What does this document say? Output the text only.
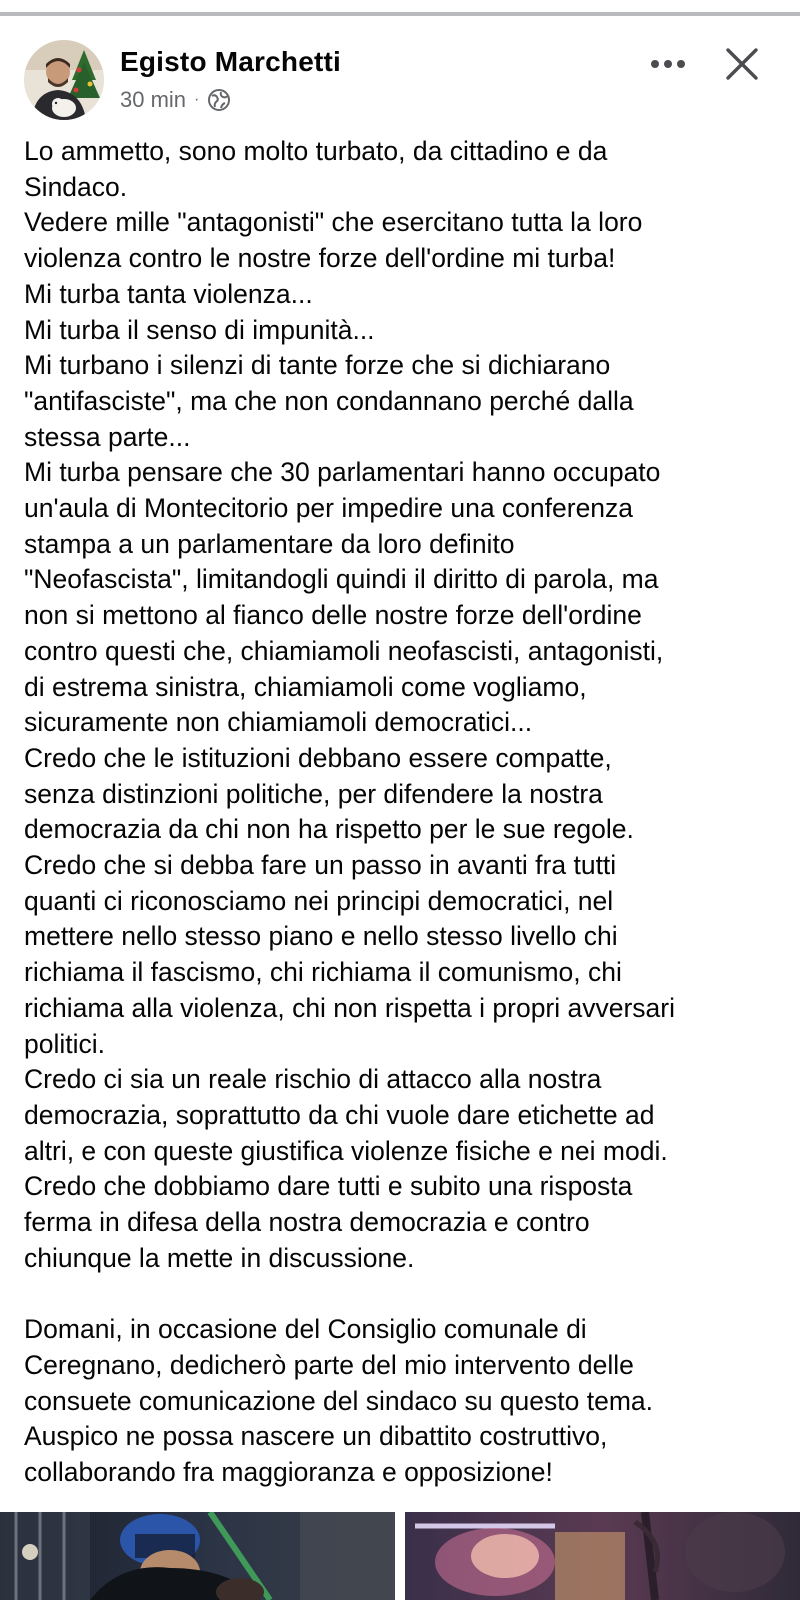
Egisto Marchetti
30 min ·

Lo ammetto, sono molto turbato, da cittadino e da

Sindaco.

Vedere mille "antagonisti" che esercitano tutta la loro

violenza contro le nostre forze dell'ordine mi turba!

Mi turba tanta violenza...

Mi turba il senso di impunità...

Mi turbano i silenzi di tante forze che si dichiarano

"antifasciste", ma che non condannano perché dalla

stessa parte...

Mi turba pensare che 30 parlamentari hanno occupato

un'aula di Montecitorio per impedire una conferenza

stampa a un parlamentare da loro definito

"Neofascista", limitandogli quindi il diritto di parola, ma

non si mettono al fianco delle nostre forze dell'ordine

contro questi che, chiamiamoli neofascisti, antagonisti,

di estrema sinistra, chiamiamoli come vogliamo,

sicuramente non chiamiamoli democratici...

Credo che le istituzioni debbano essere compatte,

senza distinzioni politiche, per difendere la nostra

democrazia da chi non ha rispetto per le sue regole.

Credo che si debba fare un passo in avanti fra tutti

quanti ci riconosciamo nei principi democratici, nel

mettere nello stesso piano e nello stesso livello chi

richiama il fascismo, chi richiama il comunismo, chi

richiama alla violenza, chi non rispetta i propri avversari

politici.

Credo ci sia un reale rischio di attacco alla nostra

democrazia, soprattutto da chi vuole dare etichette ad

altri, e con queste giustifica violenze fisiche e nei modi.

Credo che dobbiamo dare tutti e subito una risposta

ferma in difesa della nostra democrazia e contro

chiunque la mette in discussione.

Domani, in occasione del Consiglio comunale di

Ceregnano, dedicherò parte del mio intervento delle

consuete comunicazione del sindaco su questo tema.

Auspico ne possa nascere un dibattito costruttivo,

collaborando fra maggioranza e opposizione!
